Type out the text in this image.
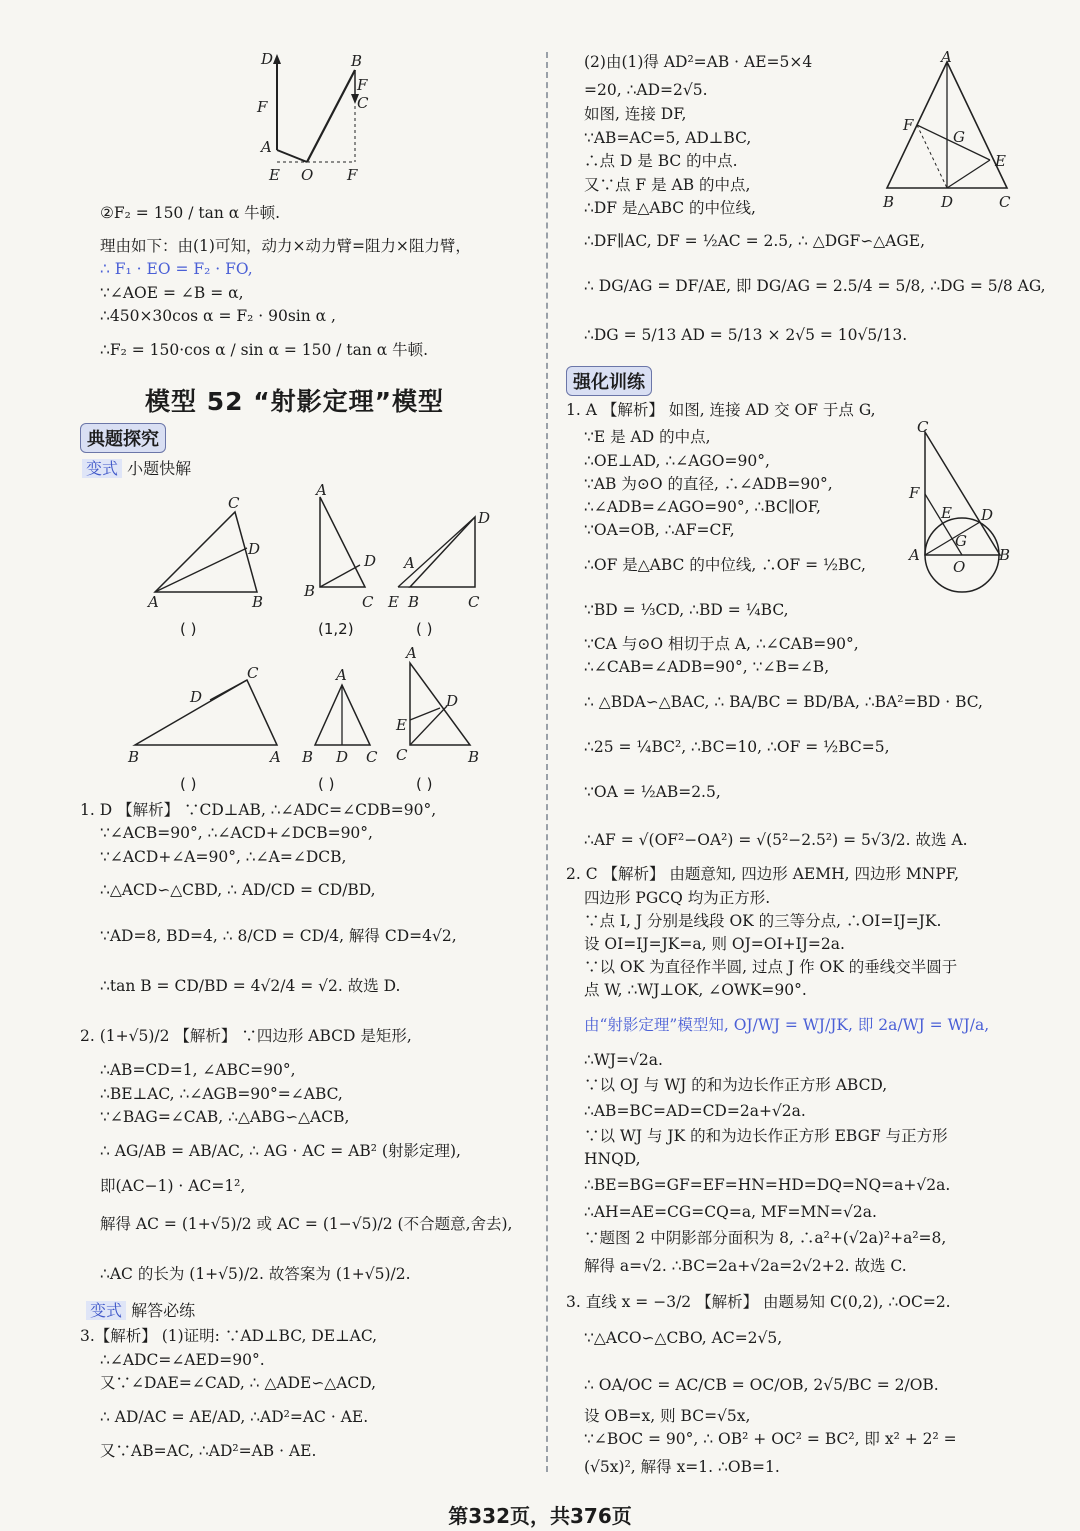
D	B
F
F
C
A
E O F
②F₂ = 150 / tan α 牛顿.
理由如下：由(1)可知，动力×动力臂=阻力×阻力臂，
∴ F₁ · EO = F₂ · FO,
∵∠AOE = ∠B = α,
∴450×30cos α = F₂ · 90sin α ,
∴F₂ = 150·cos α / sin α = 150 / tan α 牛顿.
模型 52 “射影定理”模型
典题探究
变式 小题快解
A	B
C
D
A
B
C
D
D
A
E B	C
B	A
C
D
A
B D C
A
E
C	B
D
( )	(1,2)	( )
( )	( )	( )
1. D 【解析】 ∵CD⊥AB, ∴∠ADC=∠CDB=90°,
∵∠ACB=90°, ∴∠ACD+∠DCB=90°,
∵∠ACD+∠A=90°, ∴∠A=∠DCB,
∴△ACD∽△CBD, ∴ AD/CD = CD/BD,
∵AD=8, BD=4, ∴ 8/CD = CD/4, 解得 CD=4√2,
∴tan B = CD/BD = 4√2/4 = √2. 故选 D.
2. (1+√5)/2 【解析】 ∵四边形 ABCD 是矩形,
∴AB=CD=1, ∠ABC=90°,
∴BE⊥AC, ∴∠AGB=90°=∠ABC,
∵∠BAG=∠CAB, ∴△ABG∽△ACB,
∴ AG/AB = AB/AC, ∴ AG · AC = AB² (射影定理),
即(AC−1) · AC=1²,
解得 AC = (1+√5)/2 或 AC = (1−√5)/2 (不合题意,舍去),
∴AC 的长为 (1+√5)/2. 故答案为 (1+√5)/2.
变式 解答必练
3.【解析】 (1)证明: ∵AD⊥BC, DE⊥AC,
∴∠ADC=∠AED=90°.
又∵∠DAE=∠CAD, ∴ △ADE∽△ACD,
∴ AD/AC = AE/AD, ∴AD²=AC · AE.
又∵AB=AC, ∴AD²=AB · AE.
A
F
G
E
B	D	C
(2)由(1)得 AD²=AB · AE=5×4
=20, ∴AD=2√5.
如图, 连接 DF,
∵AB=AC=5, AD⊥BC,
∴点 D 是 BC 的中点.
又∵点 F 是 AB 的中点,
∴DF 是△ABC 的中位线,
∴DF∥AC, DF = ½AC = 2.5, ∴ △DGF∽△AGE,
∴ DG/AG = DF/AE, 即 DG/AG = 2.5/4 = 5/8, ∴DG = 5/8 AG,
∴DG = 5/13 AD = 5/13 × 2√5 = 10√5/13.
强化训练
C
F
E D
G
A	B
O
1. A 【解析】 如图, 连接 AD 交 OF 于点 G,
∵E 是 AD 的中点,
∴OE⊥AD, ∴∠AGO=90°,
∵AB 为⊙O 的直径, ∴∠ADB=90°,
∴∠ADB=∠AGO=90°, ∴BC∥OF,
∵OA=OB, ∴AF=CF,
∴OF 是△ABC 的中位线, ∴OF = ½BC,
∵BD = ⅓CD, ∴BD = ¼BC,
∵CA 与⊙O 相切于点 A, ∴∠CAB=90°,
∴∠CAB=∠ADB=90°, ∵∠B=∠B,
∴ △BDA∽△BAC, ∴ BA/BC = BD/BA, ∴BA²=BD · BC,
∴25 = ¼BC², ∴BC=10, ∴OF = ½BC=5,
∵OA = ½AB=2.5,
∴AF = √(OF²−OA²) = √(5²−2.5²) = 5√3/2. 故选 A.
2. C 【解析】 由题意知, 四边形 AEMH, 四边形 MNPF,
四边形 PGCQ 均为正方形.
∵点 I, J 分别是线段 OK 的三等分点, ∴OI=IJ=JK.
设 OI=IJ=JK=a, 则 OJ=OI+IJ=2a.
∵以 OK 为直径作半圆, 过点 J 作 OK 的垂线交半圆于
点 W, ∴WJ⊥OK, ∠OWK=90°.
由“射影定理”模型知, OJ/WJ = WJ/JK, 即 2a/WJ = WJ/a,
∴WJ=√2a.
∵以 OJ 与 WJ 的和为边长作正方形 ABCD,
∴AB=BC=AD=CD=2a+√2a.
∵以 WJ 与 JK 的和为边长作正方形 EBGF 与正方形
HNQD,
∴BE=BG=GF=EF=HN=HD=DQ=NQ=a+√2a.
∴AH=AE=CG=CQ=a, MF=MN=√2a.
∵题图 2 中阴影部分面积为 8, ∴a²+(√2a)²+a²=8,
解得 a=√2. ∴BC=2a+√2a=2√2+2. 故选 C.
3. 直线 x = −3/2 【解析】 由题易知 C(0,2), ∴OC=2.
∵△ACO∽△CBO, AC=2√5,
∴ OA/OC = AC/CB = OC/OB, 2√5/BC = 2/OB.
设 OB=x, 则 BC=√5x,
∵∠BOC = 90°, ∴ OB² + OC² = BC², 即 x² + 2² =
(√5x)², 解得 x=1. ∴OB=1.
第332页，共376页
